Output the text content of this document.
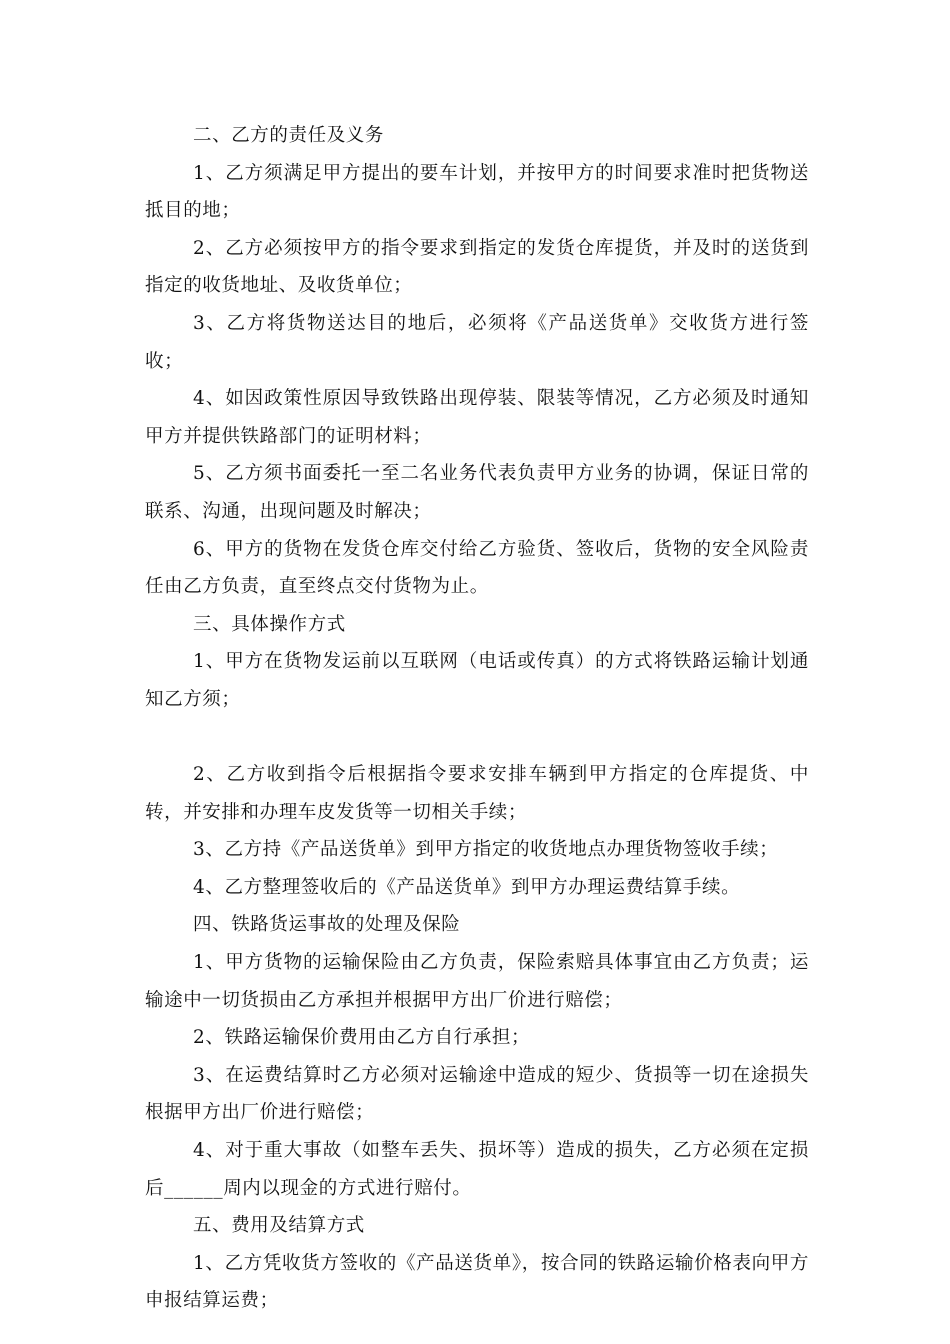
二、乙方的责任及义务

1、乙方须满足甲方提出的要车计划，并按甲方的时间要求准时把货物送抵目的地；

2、乙方必须按甲方的指令要求到指定的发货仓库提货，并及时的送货到指定的收货地址、及收货单位；

3、乙方将货物送达目的地后，必须将《产品送货单》交收货方进行签收；

4、如因政策性原因导致铁路出现停装、限装等情况，乙方必须及时通知甲方并提供铁路部门的证明材料；

5、乙方须书面委托一至二名业务代表负责甲方业务的协调，保证日常的联系、沟通，出现问题及时解决；

6、甲方的货物在发货仓库交付给乙方验货、签收后，货物的安全风险责任由乙方负责，直至终点交付货物为止。

三、具体操作方式

1、甲方在货物发运前以互联网（电话或传真）的方式将铁路运输计划通知乙方须；

2、乙方收到指令后根据指令要求安排车辆到甲方指定的仓库提货、中转，并安排和办理车皮发货等一切相关手续；

3、乙方持《产品送货单》到甲方指定的收货地点办理货物签收手续；

4、乙方整理签收后的《产品送货单》到甲方办理运费结算手续。

四、铁路货运事故的处理及保险

1、甲方货物的运输保险由乙方负责，保险索赔具体事宜由乙方负责；运输途中一切货损由乙方承担并根据甲方出厂价进行赔偿；

2、铁路运输保价费用由乙方自行承担；

3、在运费结算时乙方必须对运输途中造成的短少、货损等一切在途损失根据甲方出厂价进行赔偿；

4、对于重大事故（如整车丢失、损坏等）造成的损失，乙方必须在定损后______周内以现金的方式进行赔付。

五、费用及结算方式

1、乙方凭收货方签收的《产品送货单》，按合同的铁路运输价格表向甲方申报结算运费；
